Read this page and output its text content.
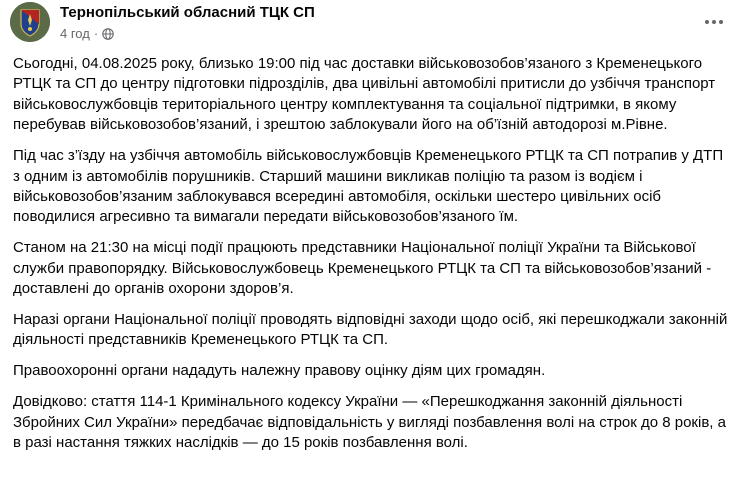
Тернопільський обласний ТЦК СП
4 год ·

Сьогодні, 04.08.2025 року, близько 19:00 під час доставки військовозобов’язаного з Кременецького РТЦК та СП до центру підготовки підрозділів, два цивільні автомобілі притисли до узбіччя транспорт військовослужбовців територіального центру комплектування та соціальної підтримки, в якому перебував військовозобов’язаний, і зрештою заблокували його на об’їзній автодорозі м.Рівне.

Під час з’їзду на узбіччя автомобіль військовослужбовців Кременецького РТЦК та СП потрапив у ДТП з одним із автомобілів порушників. Старший машини викликав поліцію та разом із водієм і військовозобов’язаним заблокувався всередині автомобіля, оскільки шестеро цивільних осіб поводилися агресивно та вимагали передати військовозобов’язаного їм.

Станом на 21:30 на місці події працюють представники Національної поліції України та Військової служби правопорядку. Військовослужбовець Кременецького РТЦК та СП та військовозобов’язаний - доставлені до органів охорони здоров’я.

Наразі органи Національної поліції проводять відповідні заходи щодо осіб, які перешкоджали законній діяльності представників Кременецького РТЦК та СП.

Правоохоронні органи нададуть належну правову оцінку діям цих громадян.

Довідково: стаття 114-1 Кримінального кодексу України — «Перешкоджання законній діяльності Збройних Сил України» передбачає відповідальність у вигляді позбавлення волі на строк до 8 років, а в разі настання тяжких наслідків — до 15 років позбавлення волі.
